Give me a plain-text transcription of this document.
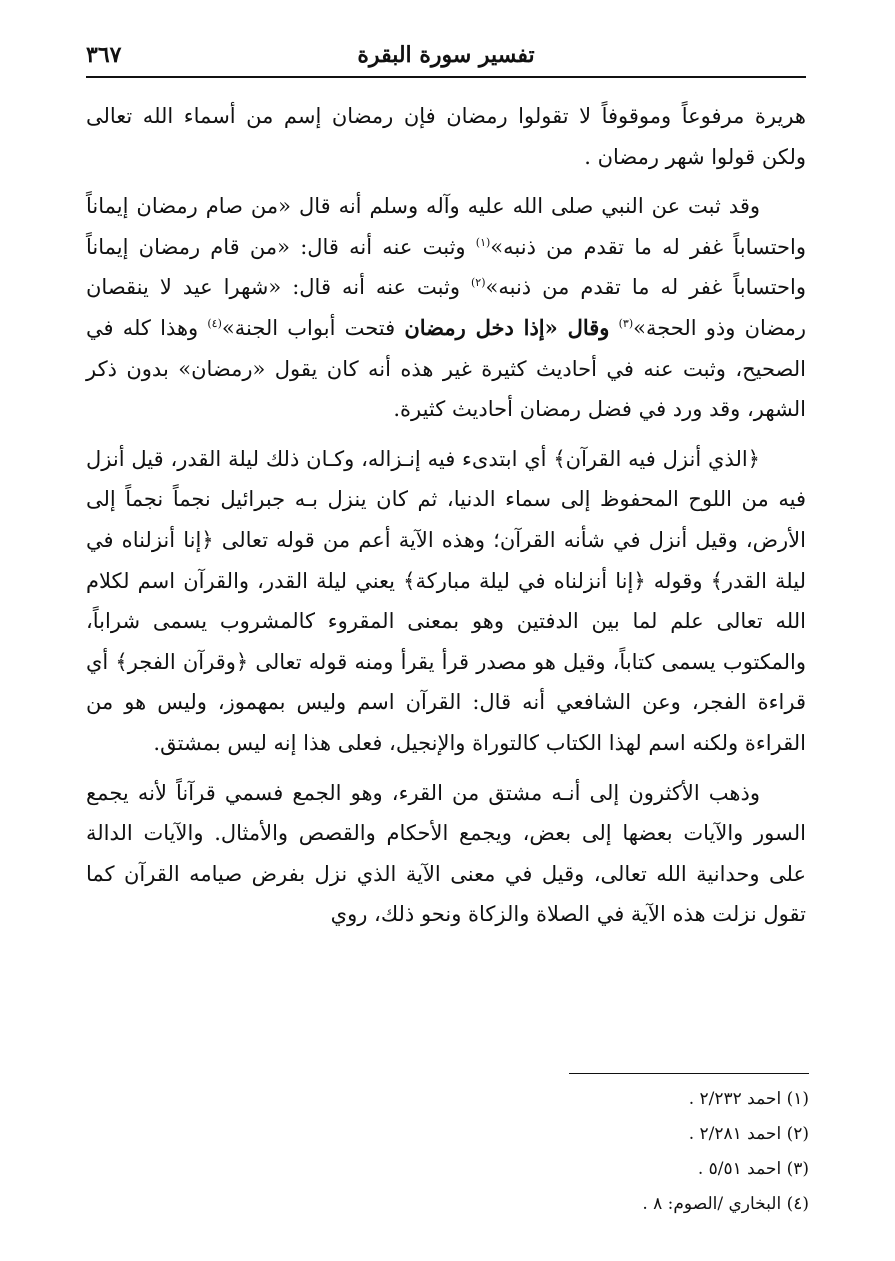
تفسير سورة البقرة
٣٦٧

هريرة مرفوعاً وموقوفاً لا تقولوا رمضان فإن رمضان إسم من أسماء الله تعالى ولكن قولوا شهر رمضان .

وقد ثبت عن النبي صلى الله عليه وآله وسلم أنه قال «من صام رمضان إيماناً واحتساباً غفر له ما تقدم من ذنبه»$^{(١)}$ وثبت عنه أنه قال: «من قام رمضان إيماناً واحتساباً غفر له ما تقدم من ذنبه»$^{(٢)}$ وثبت عنه أنه قال: «شهرا عيد لا ينقصان رمضان وذو الحجة»$^{(٣)}$ وقال «إذا دخل رمضان فتحت أبواب الجنة»$^{(٤)}$ وهذا كله في الصحيح، وثبت عنه في أحاديث كثيرة غير هذه أنه كان يقول «رمضان» بدون ذكر الشهر، وقد ورد في فضل رمضان أحاديث كثيرة.

﴿الذي أنزل فيه القرآن﴾ أي ابتدىء فيه إنـزاله، وكـان ذلك ليلة القدر، قيل أنزل فيه من اللوح المحفوظ إلى سماء الدنيا، ثم كان ينزل بـه جبرائيل نجماً نجماً إلى الأرض، وقيل أنزل في شأنه القرآن؛ وهذه الآية أعم من قوله تعالى ﴿إنا أنزلناه في ليلة القدر﴾ وقوله ﴿إنا أنزلناه في ليلة مباركة﴾ يعني ليلة القدر، والقرآن اسم لكلام الله تعالى علم لما بين الدفتين وهو بمعنى المقروء كالمشروب يسمى شراباً، والمكتوب يسمى كتاباً، وقيل هو مصدر قرأ يقرأ ومنه قوله تعالى ﴿وقرآن الفجر﴾ أي قراءة الفجر، وعن الشافعي أنه قال: القرآن اسم وليس بمهموز، وليس هو من القراءة ولكنه اسم لهذا الكتاب كالتوراة والإنجيل، فعلى هذا إنه ليس بمشتق.

وذهب الأكثرون إلى أنـه مشتق من القرء، وهو الجمع فسمي قرآناً لأنه يجمع السور والآيات بعضها إلى بعض، ويجمع الأحكام والقصص والأمثال. والآيات الدالة على وحدانية الله تعالى، وقيل في معنى الآية الذي نزل بفرض صيامه القرآن كما تقول نزلت هذه الآية في الصلاة والزكاة ونحو ذلك، روي

(١) احمد ٢/٢٣٢ .
(٢) احمد ٢/٢٨١ .
(٣) احمد ٥/٥١ .
(٤) البخاري /الصوم: ٨ .
